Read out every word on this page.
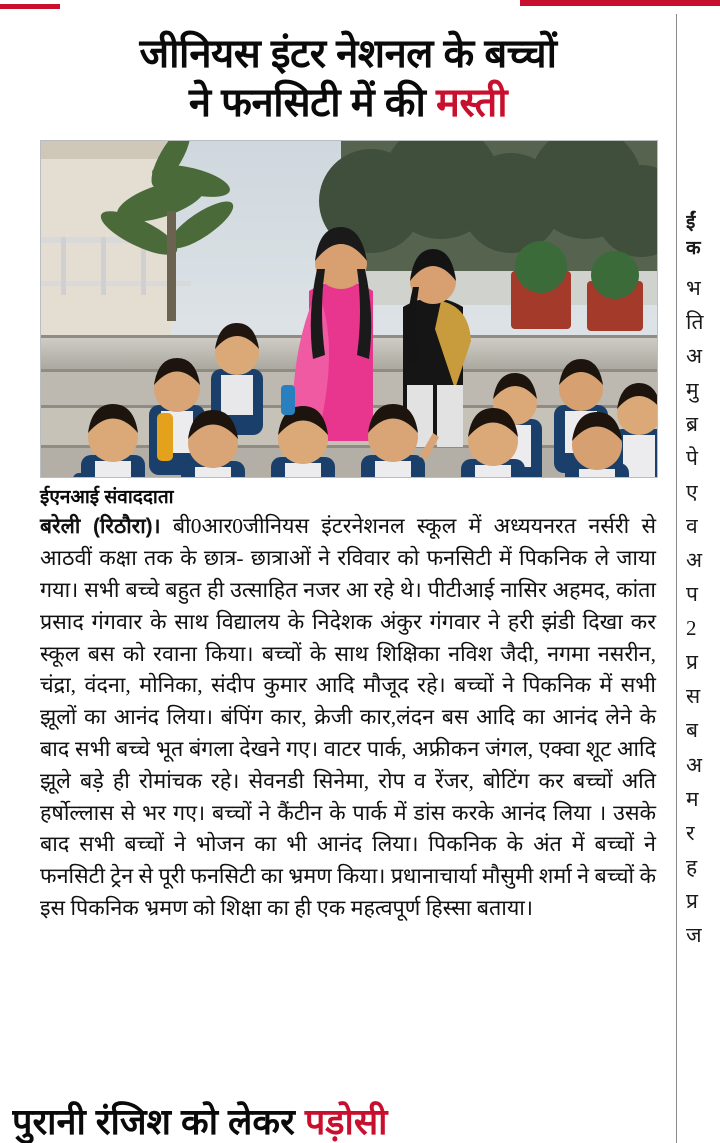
जीनियस इंटर नेशनल के बच्चों
ने फनसिटी में की मस्ती
ईएनआई संवाददाता

बरेली (रिठौरा)। बी0आर0जीनियस इंटरनेशनल स्कूल में अध्ययनरत नर्सरी से आठवीं कक्षा तक के छात्र- छात्राओं ने रविवार को फनसिटी में पिकनिक ले जाया गया। सभी बच्चे बहुत ही उत्साहित नजर आ रहे थे। पीटीआई नासिर अहमद, कांता प्रसाद गंगवार के साथ विद्यालय के निदेशक अंकुर गंगवार ने हरी झंडी दिखा कर स्कूल बस को रवाना किया। बच्चों के साथ शिक्षिका नविश जैदी, नगमा नसरीन, चंद्रा, वंदना, मोनिका, संदीप कुमार आदि मौजूद रहे। बच्चों ने पिकनिक में सभी झूलों का आनंद लिया। बंपिंग कार, क्रेजी कार,लंदन बस आदि का आनंद लेने के बाद सभी बच्चे भूत बंगला देखने गए। वाटर पार्क, अफ्रीकन जंगल, एक्वा शूट आदि झूले बड़े ही रोमांचक रहे। सेवनडी सिनेमा, रोप व रेंजर, बोटिंग कर बच्चों अति हर्षोल्लास से भर गए। बच्चों ने कैंटीन के पार्क में डांस करके आनंद लिया । उसके बाद सभी बच्चों ने भोजन का भी आनंद लिया। पिकनिक के अंत में बच्चों ने फनसिटी ट्रेन से पूरी फनसिटी का भ्रमण किया। प्रधानाचार्या मौसुमी शर्मा ने बच्चों के इस पिकनिक भ्रमण को शिक्षा का ही एक महत्वपूर्ण हिस्सा बताया।

पुरानी रंजिश को लेकर पड़ोसी
ईं
क
भ
ति
अ
मु
ब्र
पे
ए
व
अ
प
2
प्र
स
ब
अ
म
र
ह
प्र
ज
